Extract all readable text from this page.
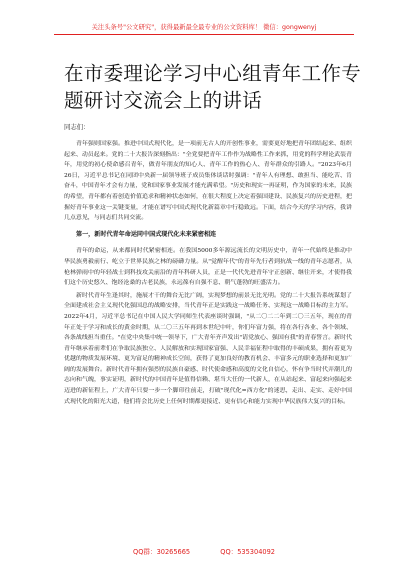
关注头条号"公文研究"，获得最新最全最专业的公文资料库！ 微信：gongwenyj
在市委理论学习中心组青年工作专题研讨交流会上的讲话
同志们：

青年强则国家强。推进中国式现代化，是一项前无古人的开创性事业，需要更好地把青年团结起来、组织起来、动员起来。党的二十大报告深刻指出："全党要把青年工作作为战略性工作来抓，用党的科学理论武装青年，用党的初心使命感召青年，做青年朋友的知心人、青年工作的热心人、青年群众的引路人。"2023年6月26日，习近平总书记在同团中央新一届领导班子成员集体谈话时强调："青年人有理想、敢担当、能吃苦、肯奋斗，中国青年才会有力量，党和国家事业发展才能充满希望。"历史和现实一再证明，作为国家的未来，民族的希望，青年都有着创造价值追求和精神状态如何，在很大程度上决定着强国建设、民族复兴的历史进程，把握好青年事业这一关键变量，才能在谱写中国式现代化新篇章中行稳致远。下面，结合今天的学习内容，我讲几点意见，与同志们共同交流。

第一，新时代青年命运同中国式现代化未来紧密相连

青年的命运，从来都同时代紧密相连。在我国5000多年源远流长的文明历史中，青年一代始终是推动中华民族勇毅前行、屹立于世界民族之林的磅礴力量。从"觉醒年代"的青年先行者到抗战一线的青年志愿者，从枪林弹雨中的年轻战士到科技攻关前沿的青年科研人员，正是一代代先进青年守正创新、继往开来，才使得我们这个历史悠久、饱经沧桑的古老民族，永远葆有自强不息、朝气蓬勃的旺盛活力。

新时代青年生逢其时，施展才干的舞台无比广阔，实现梦想的前景无比光明。党的二十大报告系统谋划了全面建成社会主义现代化强国总的战略安排，当代青年正是实践这一战略任务、实现这一战略目标的主力军。2022年4月，习近平总书记在中国人民大学同师生代表座谈时强调，"从二〇二二年到二〇三五年，现在的青年正处于学习和成长的黄金时期，从二〇三五年再到本世纪中叶，你们年富力强，将在各行各业、各个领域、各条战线担当重任。"在党中央集中统一领导下，广大青年齐声发出"请党放心、强国有我"的青春誓言。新时代青年继承着前辈们在争取民族独立、人民解放和实现国家富强、人民幸福征程中取得的丰硕成果，拥有着更为优越的物质发展环境、更为富足的精神成长空间，获得了更加良好的教育机会、丰富多元的职业选择和更加广阔的发展舞台。新时代青年拥有强烈的民族自豪感、时代使命感和高度的文化自信心，怀有争当时代弄潮儿的志向和气魄，事实证明，新时代的中国青年是值得信赖、堪当大任的一代新人，在从站起来、富起来向强起来迈进的新征程上，广大青年只要一步一个脚印往前走，打破"现代化=西方化"的迷思，走出、走实、走好中国式现代化的阳光大道，他们将会比历史上任何时期都更接近、更有信心和能力实现中华民族伟大复兴的目标。

QQ群：30265665	QQ：535304092
